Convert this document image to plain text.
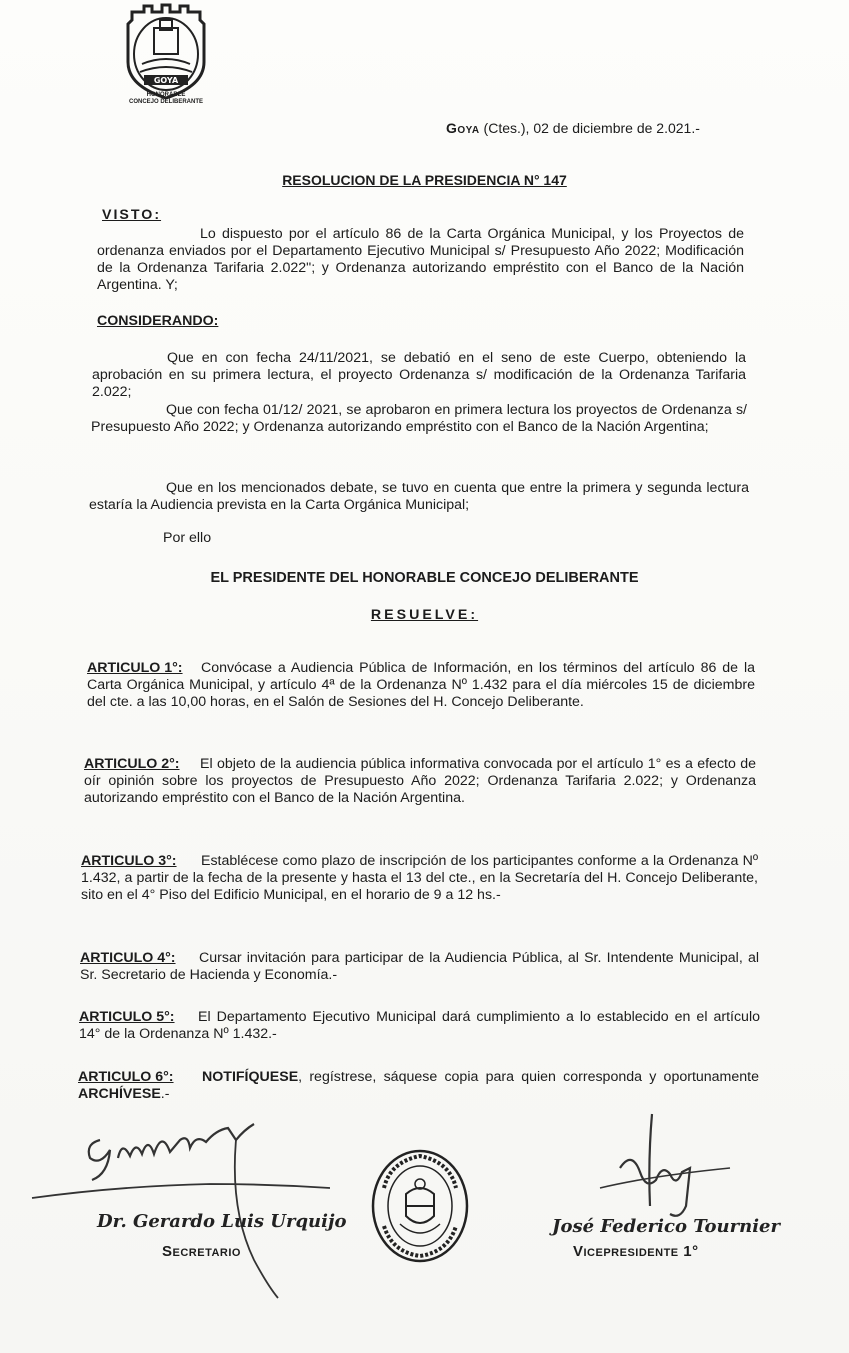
GOYA
HONORABLE
CONCEJO DELIBERANTE
Goya (Ctes.), 02 de diciembre de 2.021.-
RESOLUCION DE LA PRESIDENCIA N° 147
VISTO:
Lo dispuesto por el artículo 86 de la Carta Orgánica Municipal, y los Proyectos de ordenanza enviados por el Departamento Ejecutivo Municipal s/ Presupuesto Año 2022; Modificación de la Ordenanza Tarifaria 2.022"; y Ordenanza autorizando empréstito con el Banco de la Nación Argentina. Y;
CONSIDERANDO:
Que en con fecha 24/11/2021, se debatió en el seno de este Cuerpo, obteniendo la aprobación en su primera lectura, el proyecto Ordenanza s/ modificación de la Ordenanza Tarifaria 2.022;
Que con fecha 01/12/ 2021, se aprobaron en primera lectura los proyectos de Ordenanza s/ Presupuesto Año 2022; y Ordenanza autorizando empréstito con el Banco de la Nación Argentina;
Que en los mencionados debate, se tuvo en cuenta que entre la primera y segunda lectura estaría la Audiencia prevista en la Carta Orgánica Municipal;
Por ello
EL PRESIDENTE DEL HONORABLE CONCEJO DELIBERANTE
RESUELVE:
ARTICULO 1°:	Convócase a Audiencia Pública de Información, en los términos del artículo 86 de la Carta Orgánica Municipal, y artículo 4ª de la Ordenanza Nº 1.432 para el día miércoles 15 de diciembre del cte. a las 10,00 horas, en el Salón de Sesiones del H. Concejo Deliberante.
ARTICULO 2°:	El objeto de la audiencia pública informativa convocada por el artículo 1° es a efecto de oír opinión sobre los proyectos de Presupuesto Año 2022; Ordenanza Tarifaria 2.022; y Ordenanza autorizando empréstito con el Banco de la Nación Argentina.
ARTICULO 3°:	Establécese como plazo de inscripción de los participantes conforme a la Ordenanza Nº 1.432, a partir de la fecha de la presente y hasta el 13 del cte., en la Secretaría del H. Concejo Deliberante, sito en el 4° Piso del Edificio Municipal, en el horario de 9 a 12 hs.-
ARTICULO 4°:	Cursar invitación para participar de la Audiencia Pública, al Sr. Intendente Municipal, al Sr. Secretario de Hacienda y Economía.-
ARTICULO 5°:	El Departamento Ejecutivo Municipal dará cumplimiento a lo establecido en el artículo 14° de la Ordenanza Nº 1.432.-
ARTICULO 6°:	NOTIFÍQUESE, regístrese, sáquese copia para quien corresponda y oportunamente ARCHÍVESE.-
Dr. Gerardo Luis Urquijo
Secretario
José Federico Tournier
Vicepresidente 1°
